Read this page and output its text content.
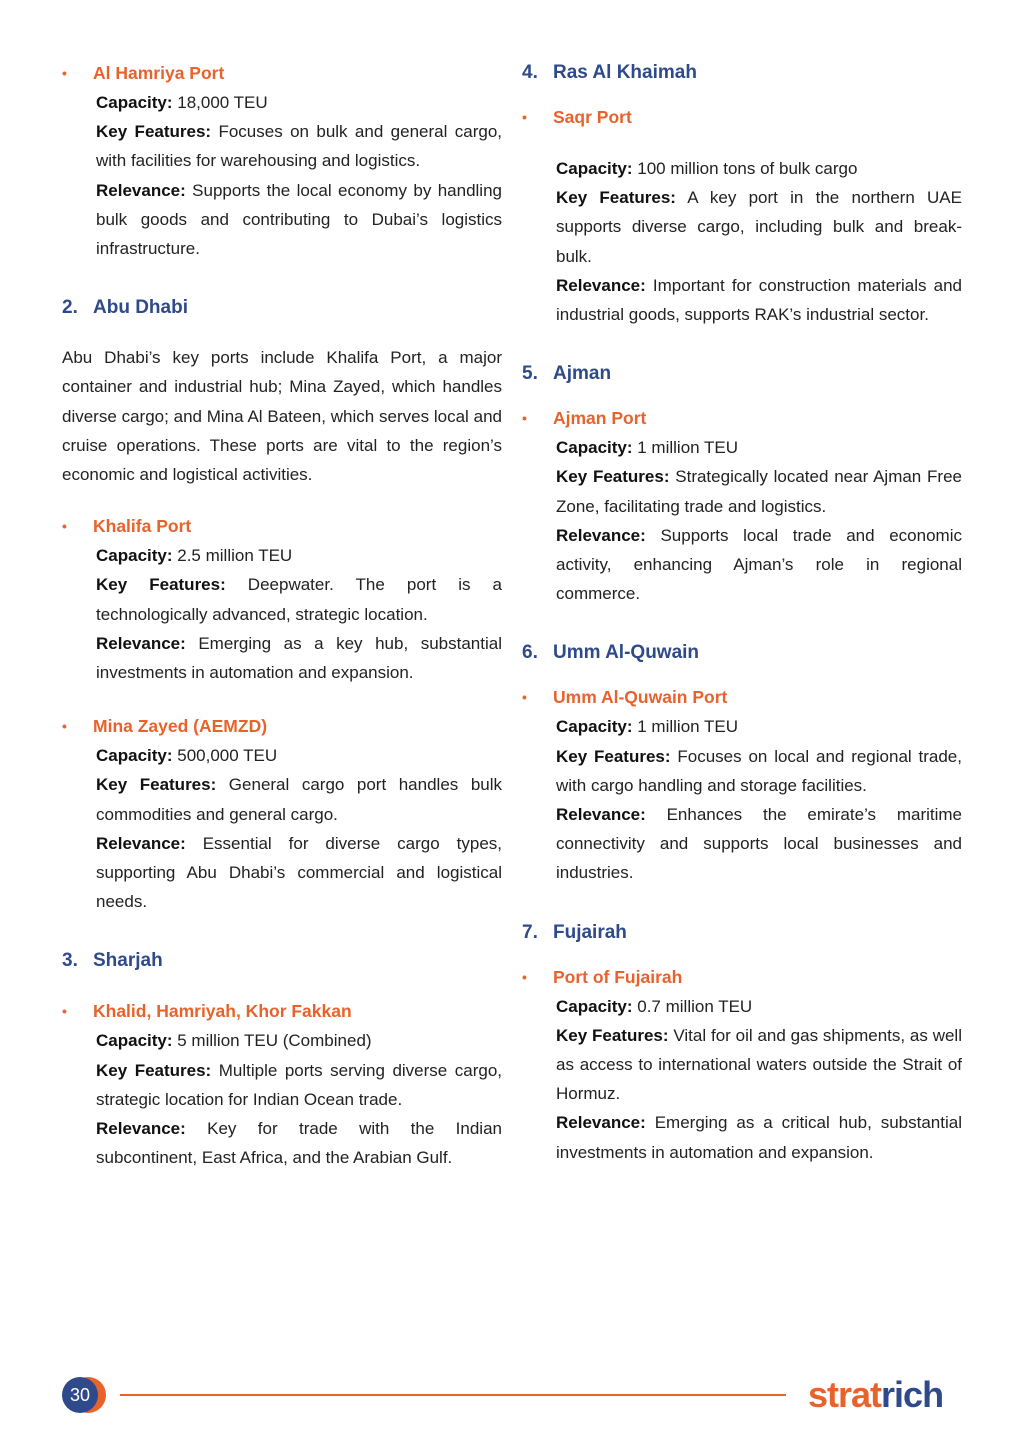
• Al Hamriya Port

Capacity: 18,000 TEU

Key Features: Focuses on bulk and general cargo, with facilities for warehousing and logistics.

Relevance: Supports the local economy by handling bulk goods and contributing to Dubai’s logistics infrastructure.

2. Abu Dhabi

Abu Dhabi’s key ports include Khalifa Port, a major container and industrial hub; Mina Zayed, which handles diverse cargo; and Mina Al Bateen, which serves local and cruise operations. These ports are vital to the region’s economic and logistical activities.

• Khalifa Port

Capacity: 2.5 million TEU

Key Features: Deepwater. The port is a technologically advanced, strategic location.

Relevance: Emerging as a key hub, substantial investments in automation and expansion.

• Mina Zayed (AEMZD)

Capacity: 500,000 TEU

Key Features: General cargo port handles bulk commodities and general cargo.

Relevance: Essential for diverse cargo types, supporting Abu Dhabi’s commercial and logistical needs.

3. Sharjah

• Khalid, Hamriyah, Khor Fakkan

Capacity: 5 million TEU (Combined)

Key Features: Multiple ports serving diverse cargo, strategic location for Indian Ocean trade.

Relevance: Key for trade with the Indian subcontinent, East Africa, and the Arabian Gulf.

4. Ras Al Khaimah

• Saqr Port

Capacity: 100 million tons of bulk cargo

Key Features: A key port in the northern UAE supports diverse cargo, including bulk and break-bulk.

Relevance: Important for construction materials and industrial goods, supports RAK’s industrial sector.

5. Ajman

• Ajman Port

Capacity: 1 million TEU

Key Features: Strategically located near Ajman Free Zone, facilitating trade and logistics.

Relevance: Supports local trade and economic activity, enhancing Ajman’s role in regional commerce.

6. Umm Al-Quwain

• Umm Al-Quwain Port

Capacity: 1 million TEU

Key Features: Focuses on local and regional trade, with cargo handling and storage facilities.

Relevance: Enhances the emirate’s maritime connectivity and supports local businesses and industries.

7. Fujairah

• Port of Fujairah

Capacity: 0.7 million TEU

Key Features: Vital for oil and gas shipments, as well as access to international waters outside the Strait of Hormuz.

Relevance: Emerging as a critical hub, substantial investments in automation and expansion.

30	stratrich
